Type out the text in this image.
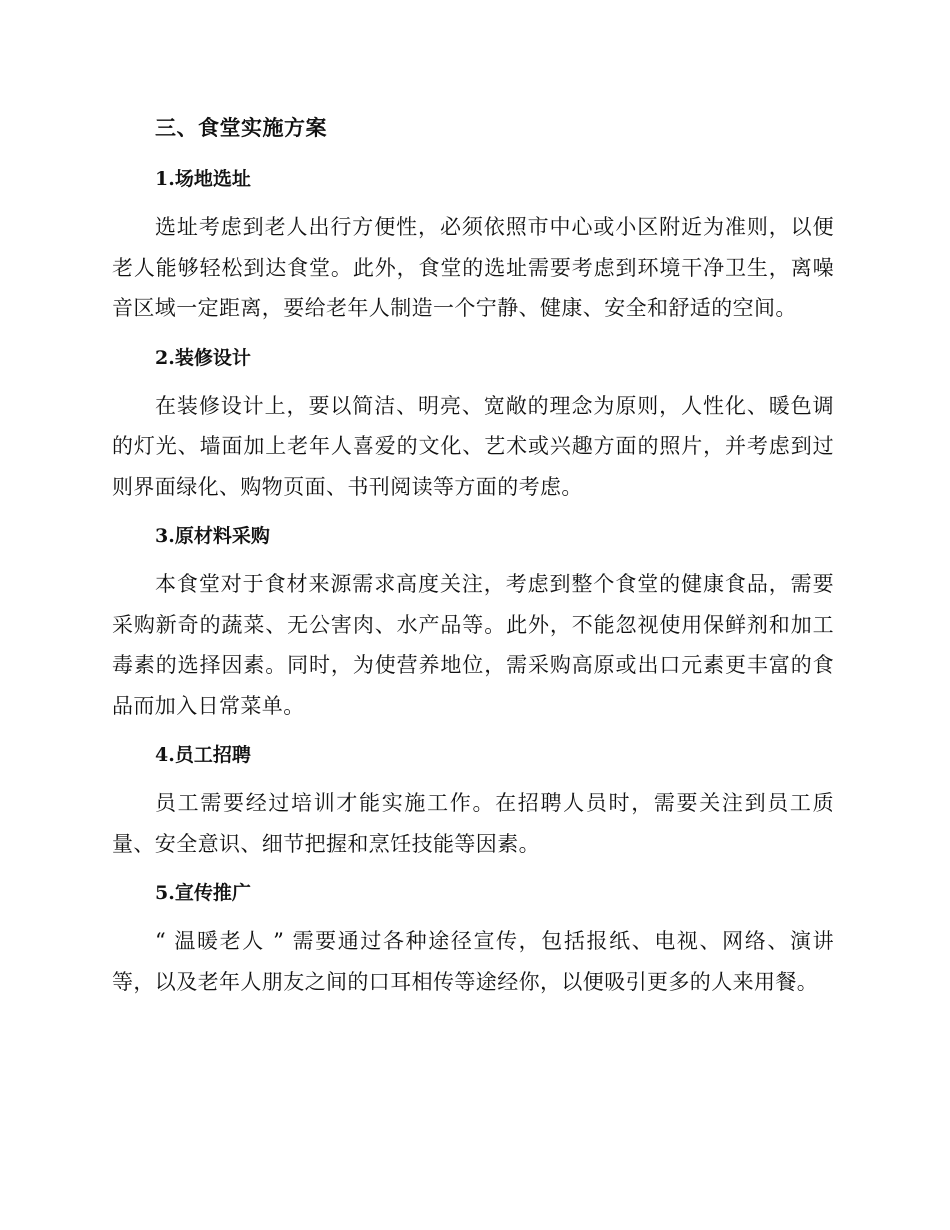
三、食堂实施方案
1.场地选址

选址考虑到老人出行方便性，必须依照市中心或小区附近为准则，以便老人能够轻松到达食堂。此外，食堂的选址需要考虑到环境干净卫生，离噪音区域一定距离，要给老年人制造一个宁静、健康、安全和舒适的空间。

2.装修设计

在装修设计上，要以简洁、明亮、宽敞的理念为原则，人性化、暖色调的灯光、墙面加上老年人喜爱的文化、艺术或兴趣方面的照片，并考虑到过则界面绿化、购物页面、书刊阅读等方面的考虑。

3.原材料采购

本食堂对于食材来源需求高度关注，考虑到整个食堂的健康食品，需要采购新奇的蔬菜、无公害肉、水产品等。此外，不能忽视使用保鲜剂和加工毒素的选择因素。同时，为使营养地位，需采购高原或出口元素更丰富的食品而加入日常菜单。

4.员工招聘

员工需要经过培训才能实施工作。在招聘人员时，需要关注到员工质量、安全意识、细节把握和烹饪技能等因素。

5.宣传推广

“ 温暖老人 ” 需要通过各种途径宣传，包括报纸、电视、网络、演讲等，以及老年人朋友之间的口耳相传等途经你，以便吸引更多的人来用餐。
